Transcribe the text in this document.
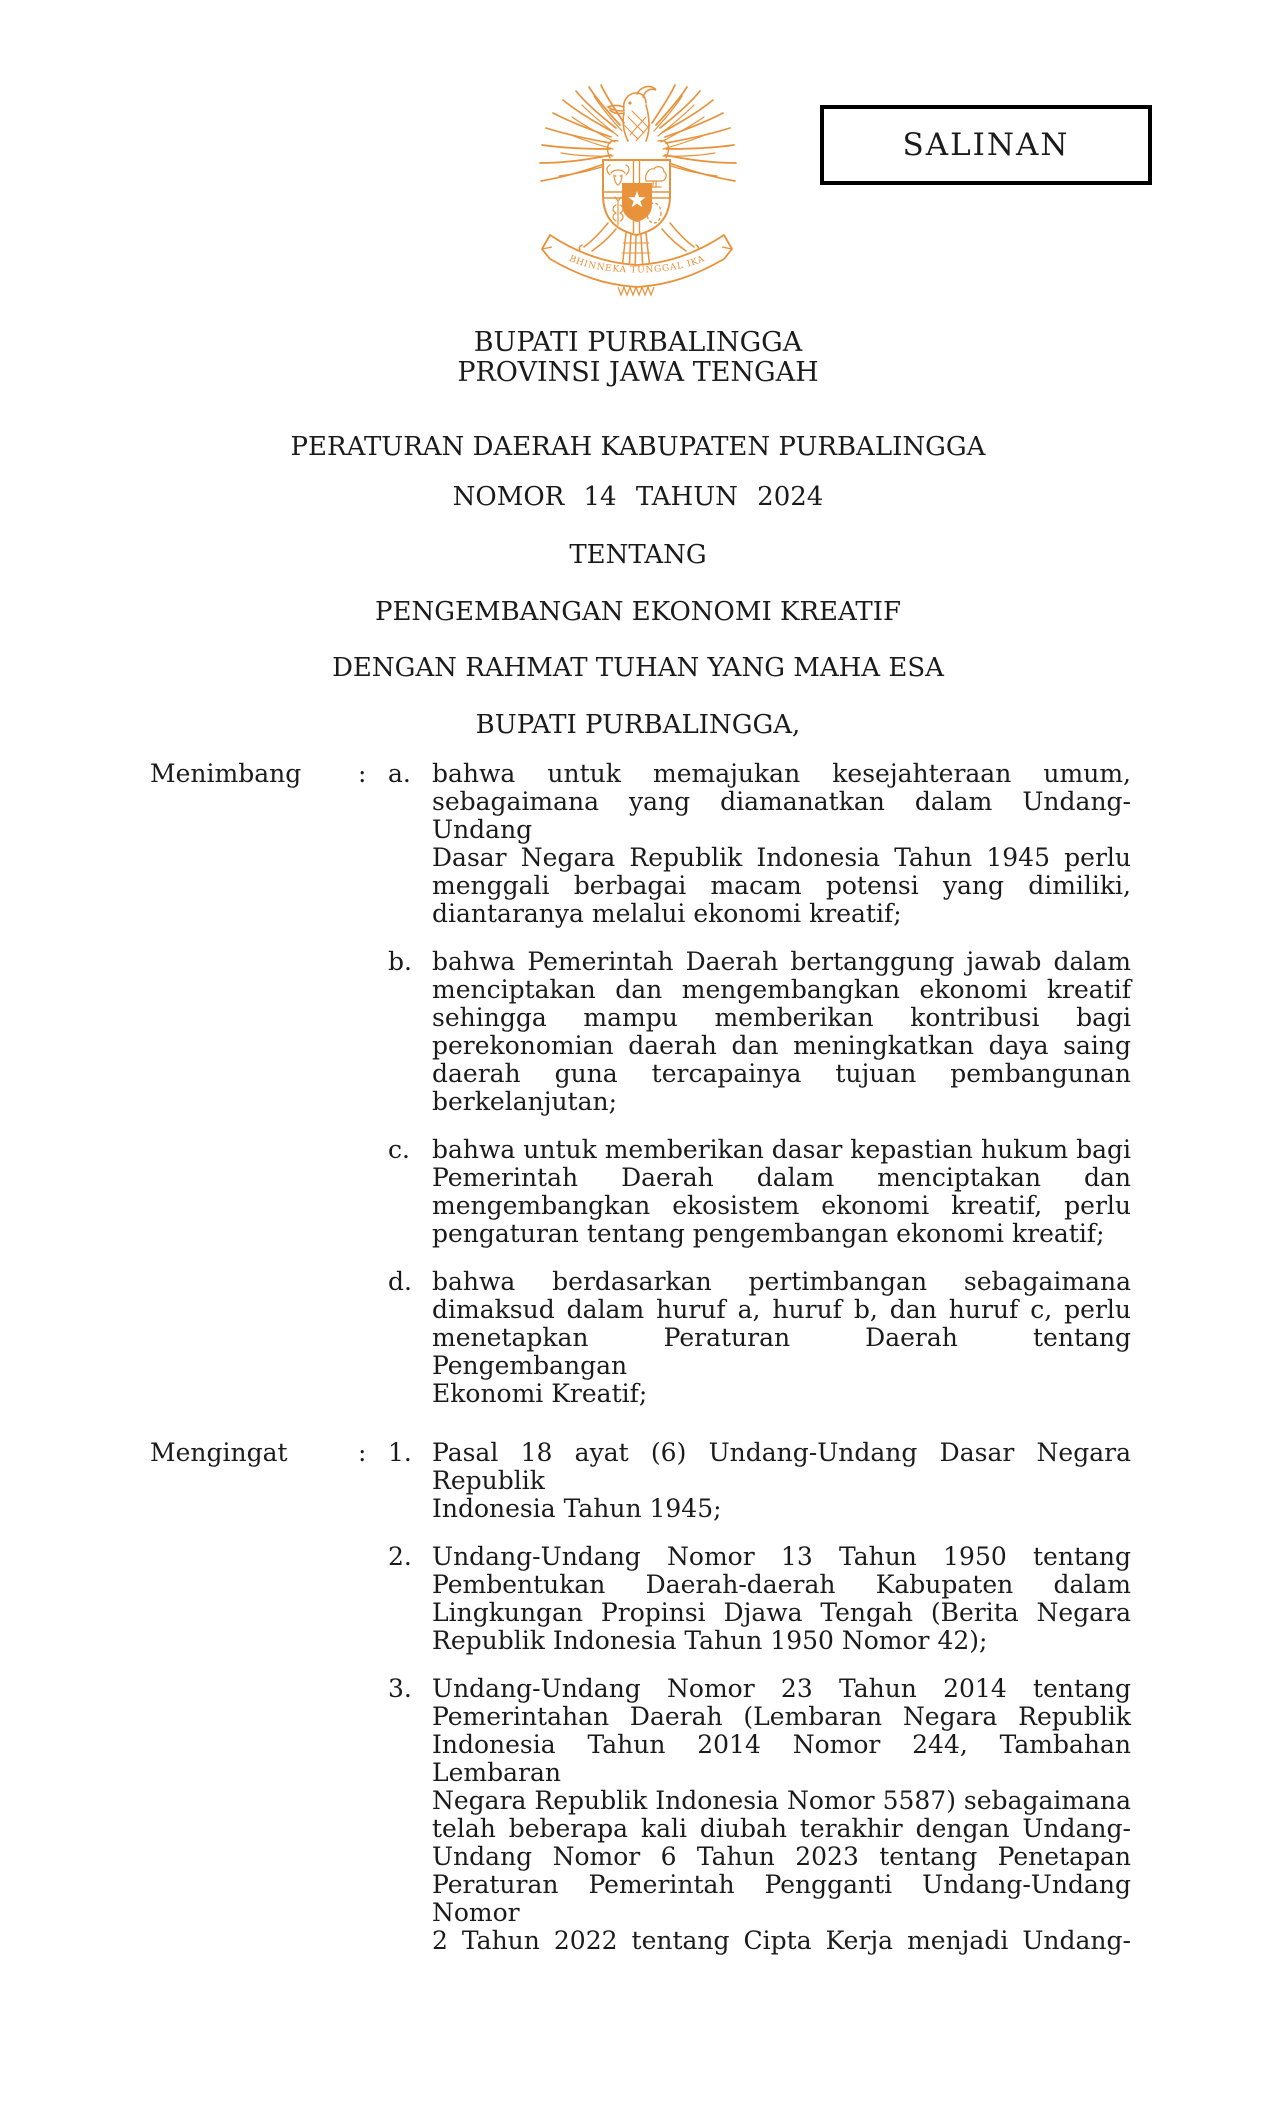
BHINNEKA TUNGGAL IKA
SALINAN
BUPATI PURBALINGGA
PROVINSI JAWA TENGAH
PERATURAN DAERAH KABUPATEN PURBALINGGA
NOMOR 14 TAHUN 2024
TENTANG
PENGEMBANGAN EKONOMI KREATIF
DENGAN RAHMAT TUHAN YANG MAHA ESA
BUPATI PURBALINGGA,
Menimbang	: a. bahwa untuk memajukan kesejahteraan umum,
sebagaimana yang diamanatkan dalam Undang-Undang
Dasar Negara Republik Indonesia Tahun 1945 perlu
menggali berbagai macam potensi yang dimiliki,
diantaranya melalui ekonomi kreatif;
b. bahwa Pemerintah Daerah bertanggung jawab dalam
menciptakan dan mengembangkan ekonomi kreatif
sehingga mampu memberikan kontribusi bagi
perekonomian daerah dan meningkatkan daya saing
daerah guna tercapainya tujuan pembangunan
berkelanjutan;
c. bahwa untuk memberikan dasar kepastian hukum bagi
Pemerintah Daerah dalam menciptakan dan
mengembangkan ekosistem ekonomi kreatif, perlu
pengaturan tentang pengembangan ekonomi kreatif;
d. bahwa berdasarkan pertimbangan sebagaimana
dimaksud dalam huruf a, huruf b, dan huruf c, perlu
menetapkan Peraturan Daerah tentang Pengembangan
Ekonomi Kreatif;
Mengingat	: 1. Pasal 18 ayat (6) Undang-Undang Dasar Negara Republik
Indonesia Tahun 1945;
2. Undang-Undang Nomor 13 Tahun 1950 tentang
Pembentukan Daerah-daerah Kabupaten dalam
Lingkungan Propinsi Djawa Tengah (Berita Negara
Republik Indonesia Tahun 1950 Nomor 42);
3. Undang-Undang Nomor 23 Tahun 2014 tentang
Pemerintahan Daerah (Lembaran Negara Republik
Indonesia Tahun 2014 Nomor 244, Tambahan Lembaran
Negara Republik Indonesia Nomor 5587) sebagaimana
telah beberapa kali diubah terakhir dengan Undang-
Undang Nomor 6 Tahun 2023 tentang Penetapan
Peraturan Pemerintah Pengganti Undang-Undang Nomor
2 Tahun 2022 tentang Cipta Kerja menjadi Undang-
